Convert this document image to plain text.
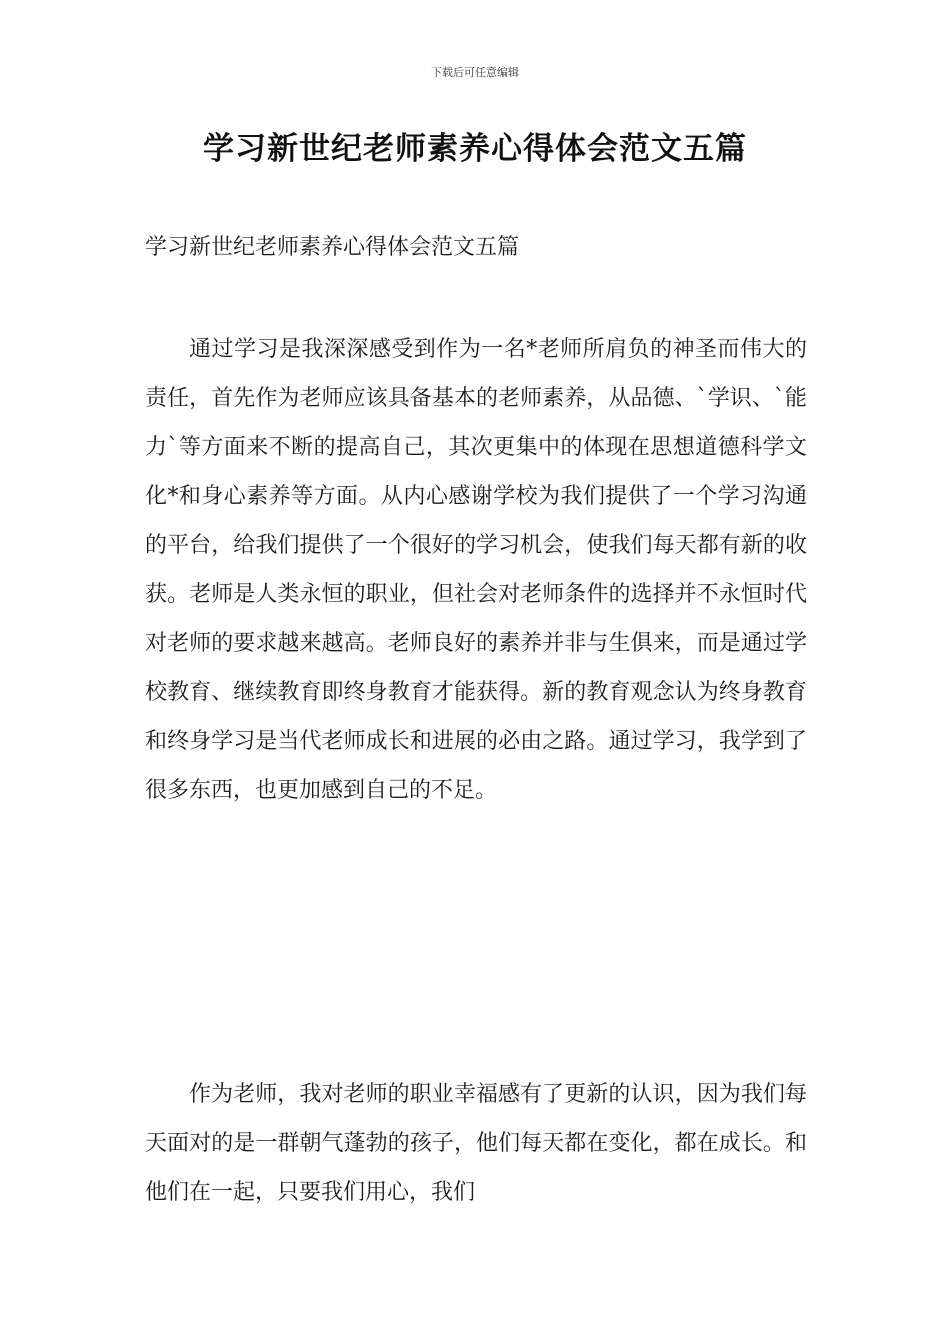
下载后可任意编辑
学习新世纪老师素养心得体会范文五篇

学习新世纪老师素养心得体会范文五篇

通过学习是我深深感受到作为一名*老师所肩负的神圣而伟大的责任，首先作为老师应该具备基本的老师素养，从品德、`学识、`能力`等方面来不断的提高自己，其次更集中的体现在思想道德科学文化*和身心素养等方面。从内心感谢学校为我们提供了一个学习沟通的平台，给我们提供了一个很好的学习机会，使我们每天都有新的收获。老师是人类永恒的职业，但社会对老师条件的选择并不永恒时代对老师的要求越来越高。老师良好的素养并非与生俱来，而是通过学校教育、继续教育即终身教育才能获得。新的教育观念认为终身教育和终身学习是当代老师成长和进展的必由之路。通过学习，我学到了很多东西，也更加感到自己的不足。

作为老师，我对老师的职业幸福感有了更新的认识，因为我们每天面对的是一群朝气蓬勃的孩子，他们每天都在变化，都在成长。和他们在一起，只要我们用心，我们
